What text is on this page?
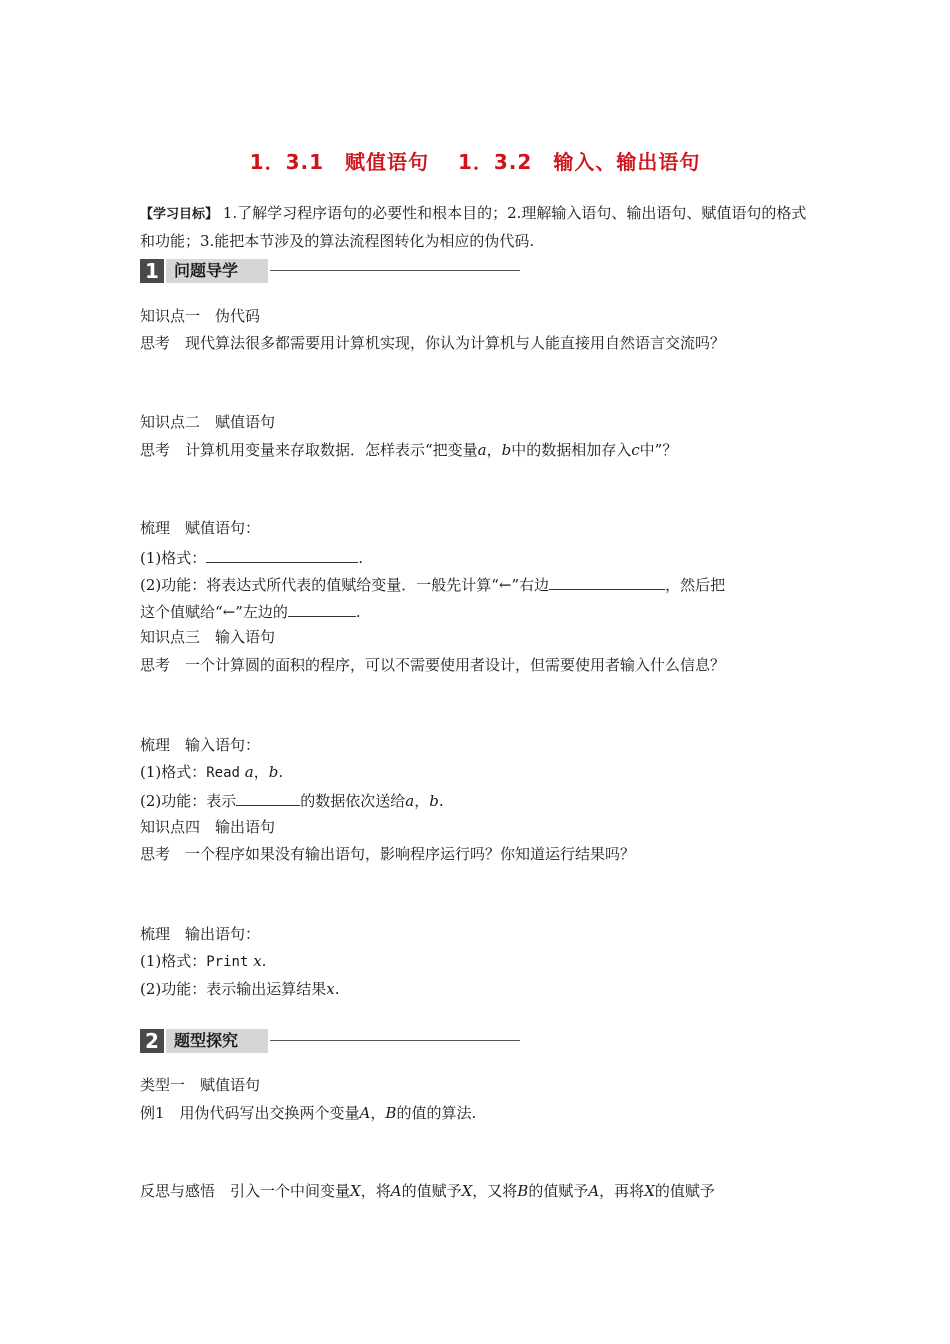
1．3.1　赋值语句　 1．3.2　输入、输出语句
【学习目标】 1.了解学习程序语句的必要性和根本目的；2.理解输入语句、输出语句、赋值语句的格式和功能；3.能把本节涉及的算法流程图转化为相应的伪代码.
1 问题导学
知识点一　伪代码
思考　现代算法很多都需要用计算机实现，你认为计算机与人能直接用自然语言交流吗？
知识点二　赋值语句
思考　计算机用变量来存取数据．怎样表示“把变量a，b中的数据相加存入c中”？
梳理　赋值语句：
(1)格式：	.
(2)功能：将表达式所代表的值赋给变量．一般先计算“←”右边	，然后把
这个值赋给“←”左边的	.
知识点三　输入语句
思考　一个计算圆的面积的程序，可以不需要使用者设计，但需要使用者输入什么信息？
梳理　输入语句：
(1)格式：Read a，b.
(2)功能：表示	的数据依次送给a，b.
知识点四　输出语句
思考　一个程序如果没有输出语句，影响程序运行吗？你知道运行结果吗？
梳理　输出语句：
(1)格式：Print x.
(2)功能：表示输出运算结果x.
2 题型探究
类型一　赋值语句
例1　用伪代码写出交换两个变量A，B的值的算法.
反思与感悟　引入一个中间变量X，将A的值赋予X，又将B的值赋予A，再将X的值赋予
